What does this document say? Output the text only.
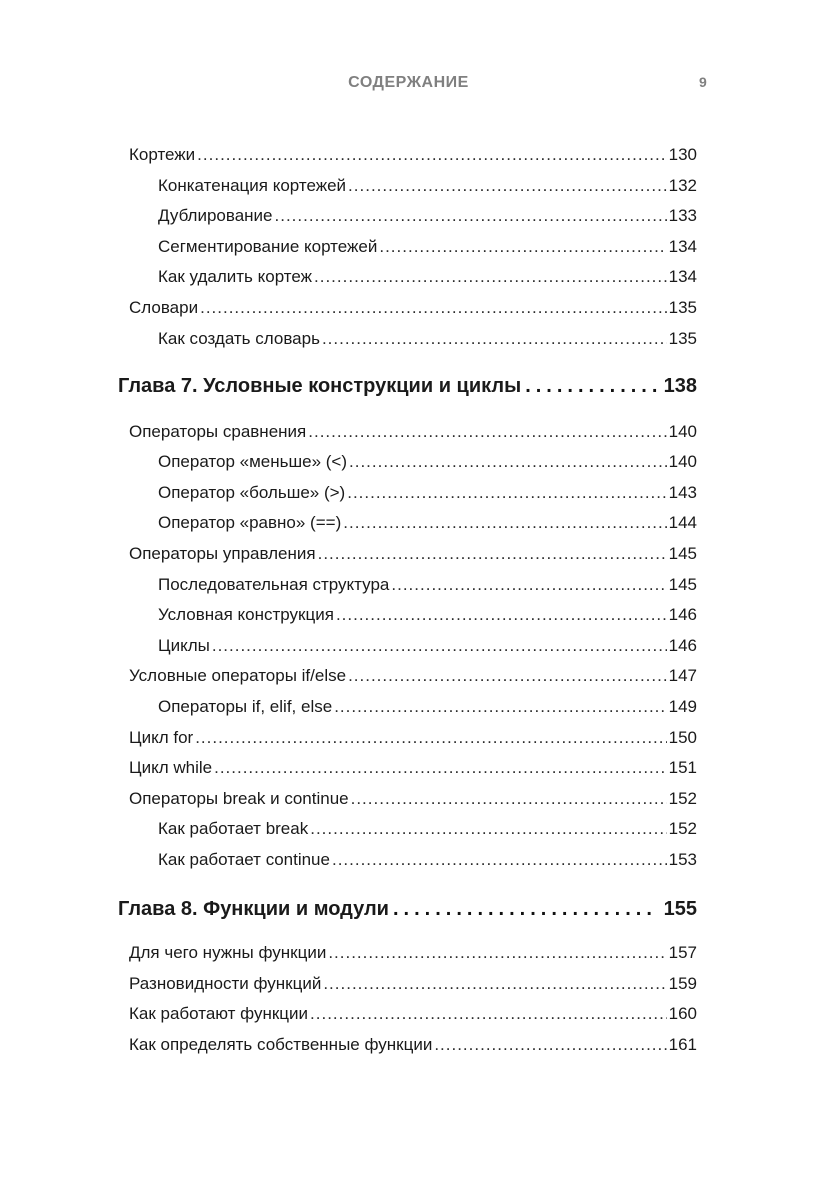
СОДЕРЖАНИЕ	9
Кортежи .....	130
Конкатенация кортежей .....	132
Дублирование .....	133
Сегментирование кортежей .....	134
Как удалить кортеж .....	134
Словари .....	135
Как создать словарь .....	135
Глава 7. Условные конструкции и циклы .....	138
Операторы сравнения .....	140
Оператор «меньше» (<) .....	140
Оператор «больше» (>) .....	143
Оператор «равно» (==) .....	144
Операторы управления .....	145
Последовательная структура .....	145
Условная конструкция .....	146
Циклы .....	146
Условные операторы if/else .....	147
Операторы if, elif, else .....	149
Цикл for .....	150
Цикл while .....	151
Операторы break и continue .....	152
Как работает break .....	152
Как работает continue .....	153
Глава 8. Функции и модули .....	155
Для чего нужны функции .....	157
Разновидности функций .....	159
Как работают функции .....	160
Как определять собственные функции .....	161
